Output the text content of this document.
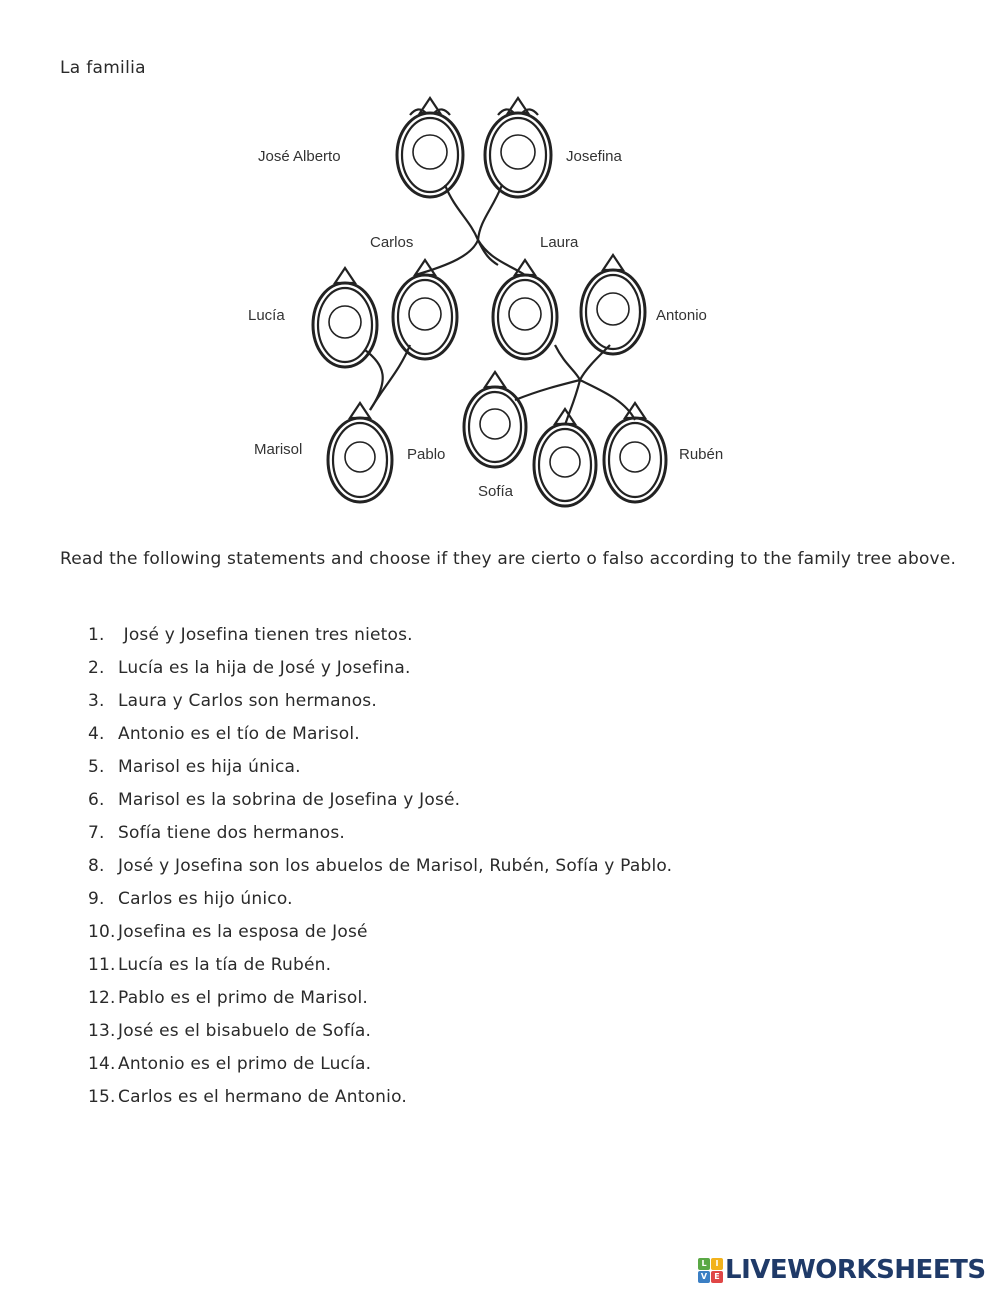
La familia
José Alberto	Josefina
Carlos	Laura
Lucía	Antonio
Marisol	Pablo
Sofía
Rubén
Read the following statements and choose if they are cierto o falso according to the family tree above.
1. José y Josefina tienen tres nietos.
2. Lucía es la hija de José y Josefina.
3. Laura y Carlos son hermanos.
4. Antonio es el tío de Marisol.
5. Marisol es hija única.
6. Marisol es la sobrina de Josefina y José.
7. Sofía tiene dos hermanos.
8. José y Josefina son los abuelos de Marisol, Rubén, Sofía y Pablo.
9. Carlos es hijo único.
10. Josefina es la esposa de José
11. Lucía es la tía de Rubén.
12. Pablo es el primo de Marisol.
13. José es el bisabuelo de Sofía.
14. Antonio es el primo de Lucía.
15. Carlos es el hermano de Antonio.
L	I
V E LIVEWORKSHEETS
